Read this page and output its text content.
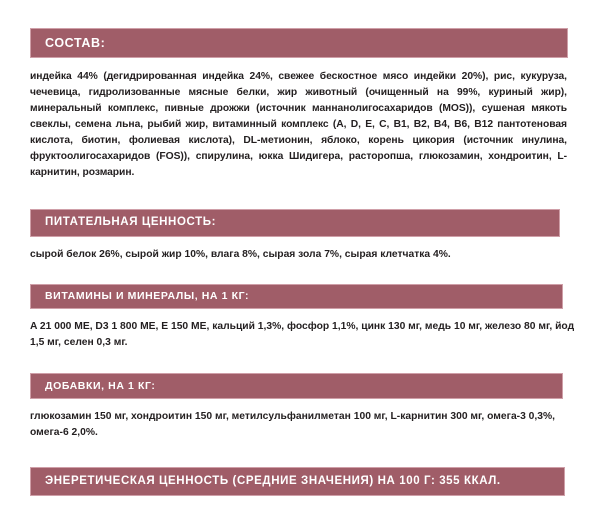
СОСТАВ:

индейка 44% (дегидрированная индейка 24%, свежее бескостное мясо индейки 20%), рис, кукуруза, чечевица, гидролизованные мясные белки, жир животный (очищенный на 99%, куриный жир), минеральный комплекс, пивные дрожжи (источник маннанолигосахаридов (MOS)), сушеная мякоть свеклы, семена льна, рыбий жир, витаминный комплекс (A, D, E, C, B1, B2, B4, B6, B12 пантотеновая кислота, биотин, фолиевая кислота), DL-метионин, яблоко, корень цикория (источник инулина, фруктоолигосахаридов (FOS)), спирулина, юкка Шидигера, расторопша, глюкозамин, хондроитин, L-карнитин, розмарин.

ПИТАТЕЛЬНАЯ ЦЕННОСТЬ:

сырой белок 26%, сырой жир 10%, влага 8%, сырая зола 7%, сырая клетчатка 4%.

ВИТАМИНЫ И МИНЕРАЛЫ, НА 1 КГ:

A 21 000 МЕ, D3 1 800 МЕ, E 150 МЕ, кальций 1,3%, фосфор 1,1%, цинк 130 мг, медь 10 мг, железо 80 мг, йод 1,5 мг, селен 0,3 мг.

ДОБАВКИ, НА 1 КГ:

глюкозамин 150 мг, хондроитин 150 мг, метилсульфанилметан 100 мг, L-карнитин 300 мг, омега-3 0,3%, омега-6 2,0%.

ЭНЕРЕТИЧЕСКАЯ ЦЕННОСТЬ (СРЕДНИЕ ЗНАЧЕНИЯ) НА 100 Г: 355 ККАЛ.
